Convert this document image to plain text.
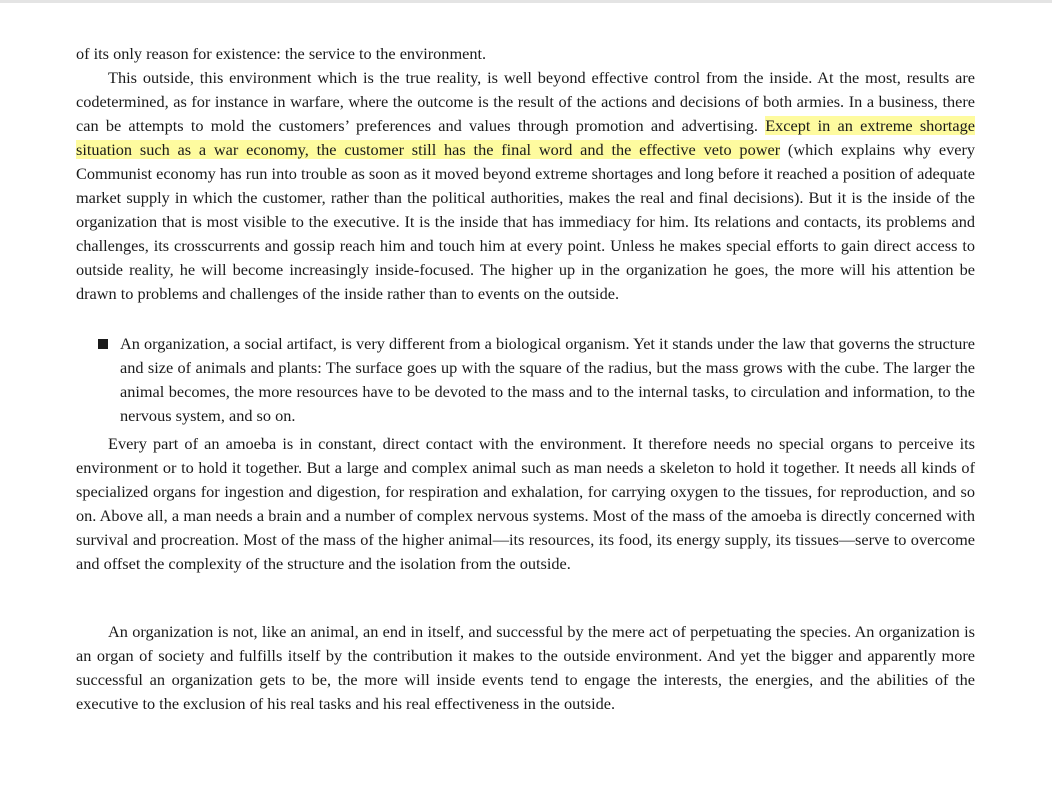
of its only reason for existence: the service to the environment.

This outside, this environment which is the true reality, is well beyond effective control from the inside. At the most, results are codetermined, as for instance in warfare, where the outcome is the result of the actions and decisions of both armies. In a business, there can be attempts to mold the customers’ preferences and values through promotion and advertising. Except in an extreme shortage situation such as a war economy, the customer still has the final word and the effective veto power (which explains why every Communist economy has run into trouble as soon as it moved beyond extreme shortages and long before it reached a position of adequate market supply in which the customer, rather than the political authorities, makes the real and final decisions). But it is the inside of the organization that is most visible to the executive. It is the inside that has immediacy for him. Its relations and contacts, its problems and challenges, its crosscurrents and gossip reach him and touch him at every point. Unless he makes special efforts to gain direct access to outside reality, he will become increasingly inside-focused. The higher up in the organization he goes, the more will his attention be drawn to problems and challenges of the inside rather than to events on the outside.

An organization, a social artifact, is very different from a biological organism. Yet it stands under the law that governs the structure and size of animals and plants: The surface goes up with the square of the radius, but the mass grows with the cube. The larger the animal becomes, the more resources have to be devoted to the mass and to the internal tasks, to circulation and information, to the nervous system, and so on.

Every part of an amoeba is in constant, direct contact with the environment. It therefore needs no special organs to perceive its environment or to hold it together. But a large and complex animal such as man needs a skeleton to hold it together. It needs all kinds of specialized organs for ingestion and digestion, for respiration and exhalation, for carrying oxygen to the tissues, for reproduction, and so on. Above all, a man needs a brain and a number of complex nervous systems. Most of the mass of the amoeba is directly concerned with survival and procreation. Most of the mass of the higher animal—its resources, its food, its energy supply, its tissues—serve to overcome and offset the complexity of the structure and the isolation from the outside.

An organization is not, like an animal, an end in itself, and successful by the mere act of perpetuating the species. An organization is an organ of society and fulfills itself by the contribution it makes to the outside environment. And yet the bigger and apparently more successful an organization gets to be, the more will inside events tend to engage the interests, the energies, and the abilities of the executive to the exclusion of his real tasks and his real effectiveness in the outside.
